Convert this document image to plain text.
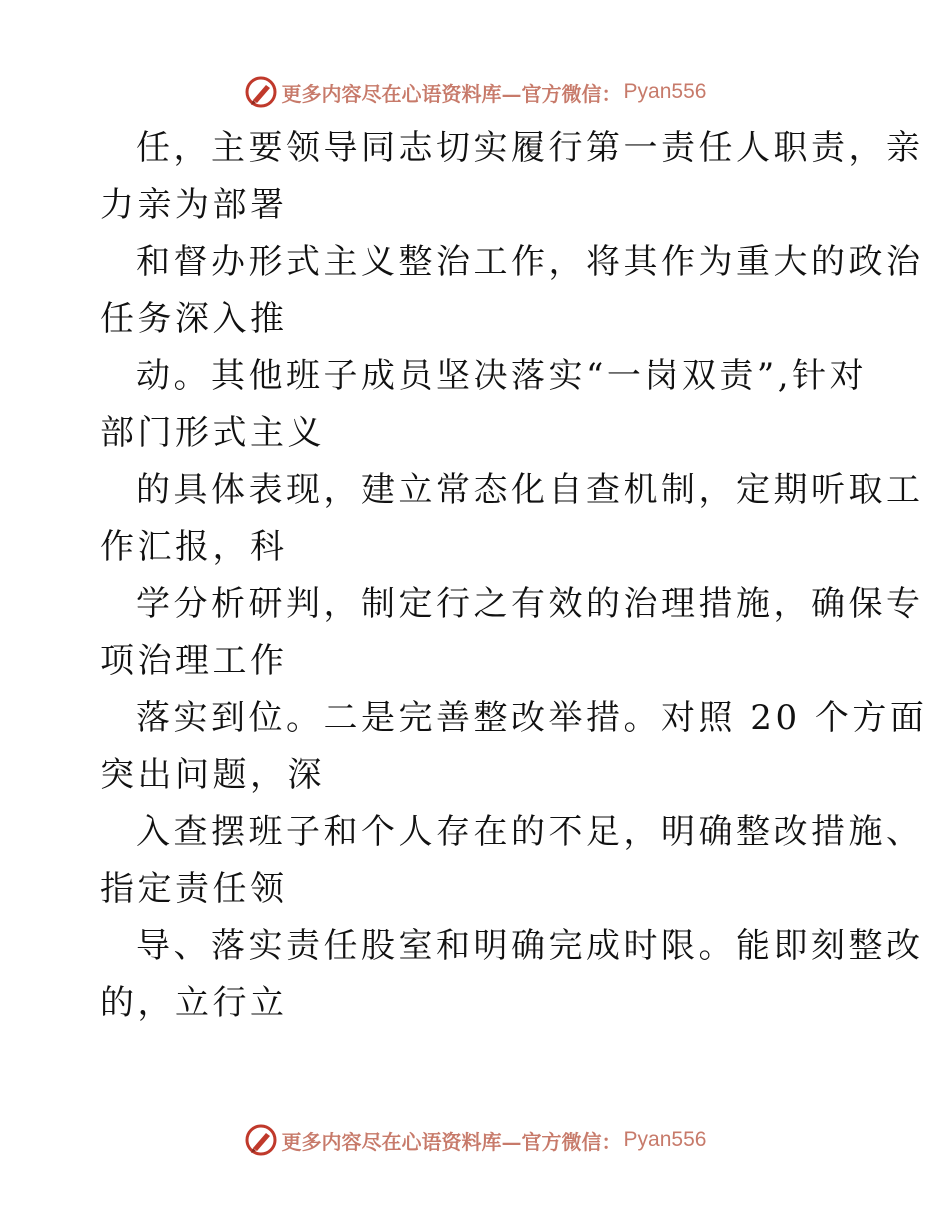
更多内容尽在心语资料库—官方微信： Pyan556
任，主要领导同志切实履行第一责任人职责，亲
力亲为部署
和督办形式主义整治工作，将其作为重大的政治
任务深入推
动。其他班子成员坚决落实“一岗双责”,针对
部门形式主义
的具体表现，建立常态化自查机制，定期听取工
作汇报，科
学分析研判，制定行之有效的治理措施，确保专
项治理工作
落实到位。二是完善整改举措。对照 20 个方面
突出问题，深
入查摆班子和个人存在的不足，明确整改措施、
指定责任领
导、落实责任股室和明确完成时限。能即刻整改
的，立行立
更多内容尽在心语资料库—官方微信： Pyan556
